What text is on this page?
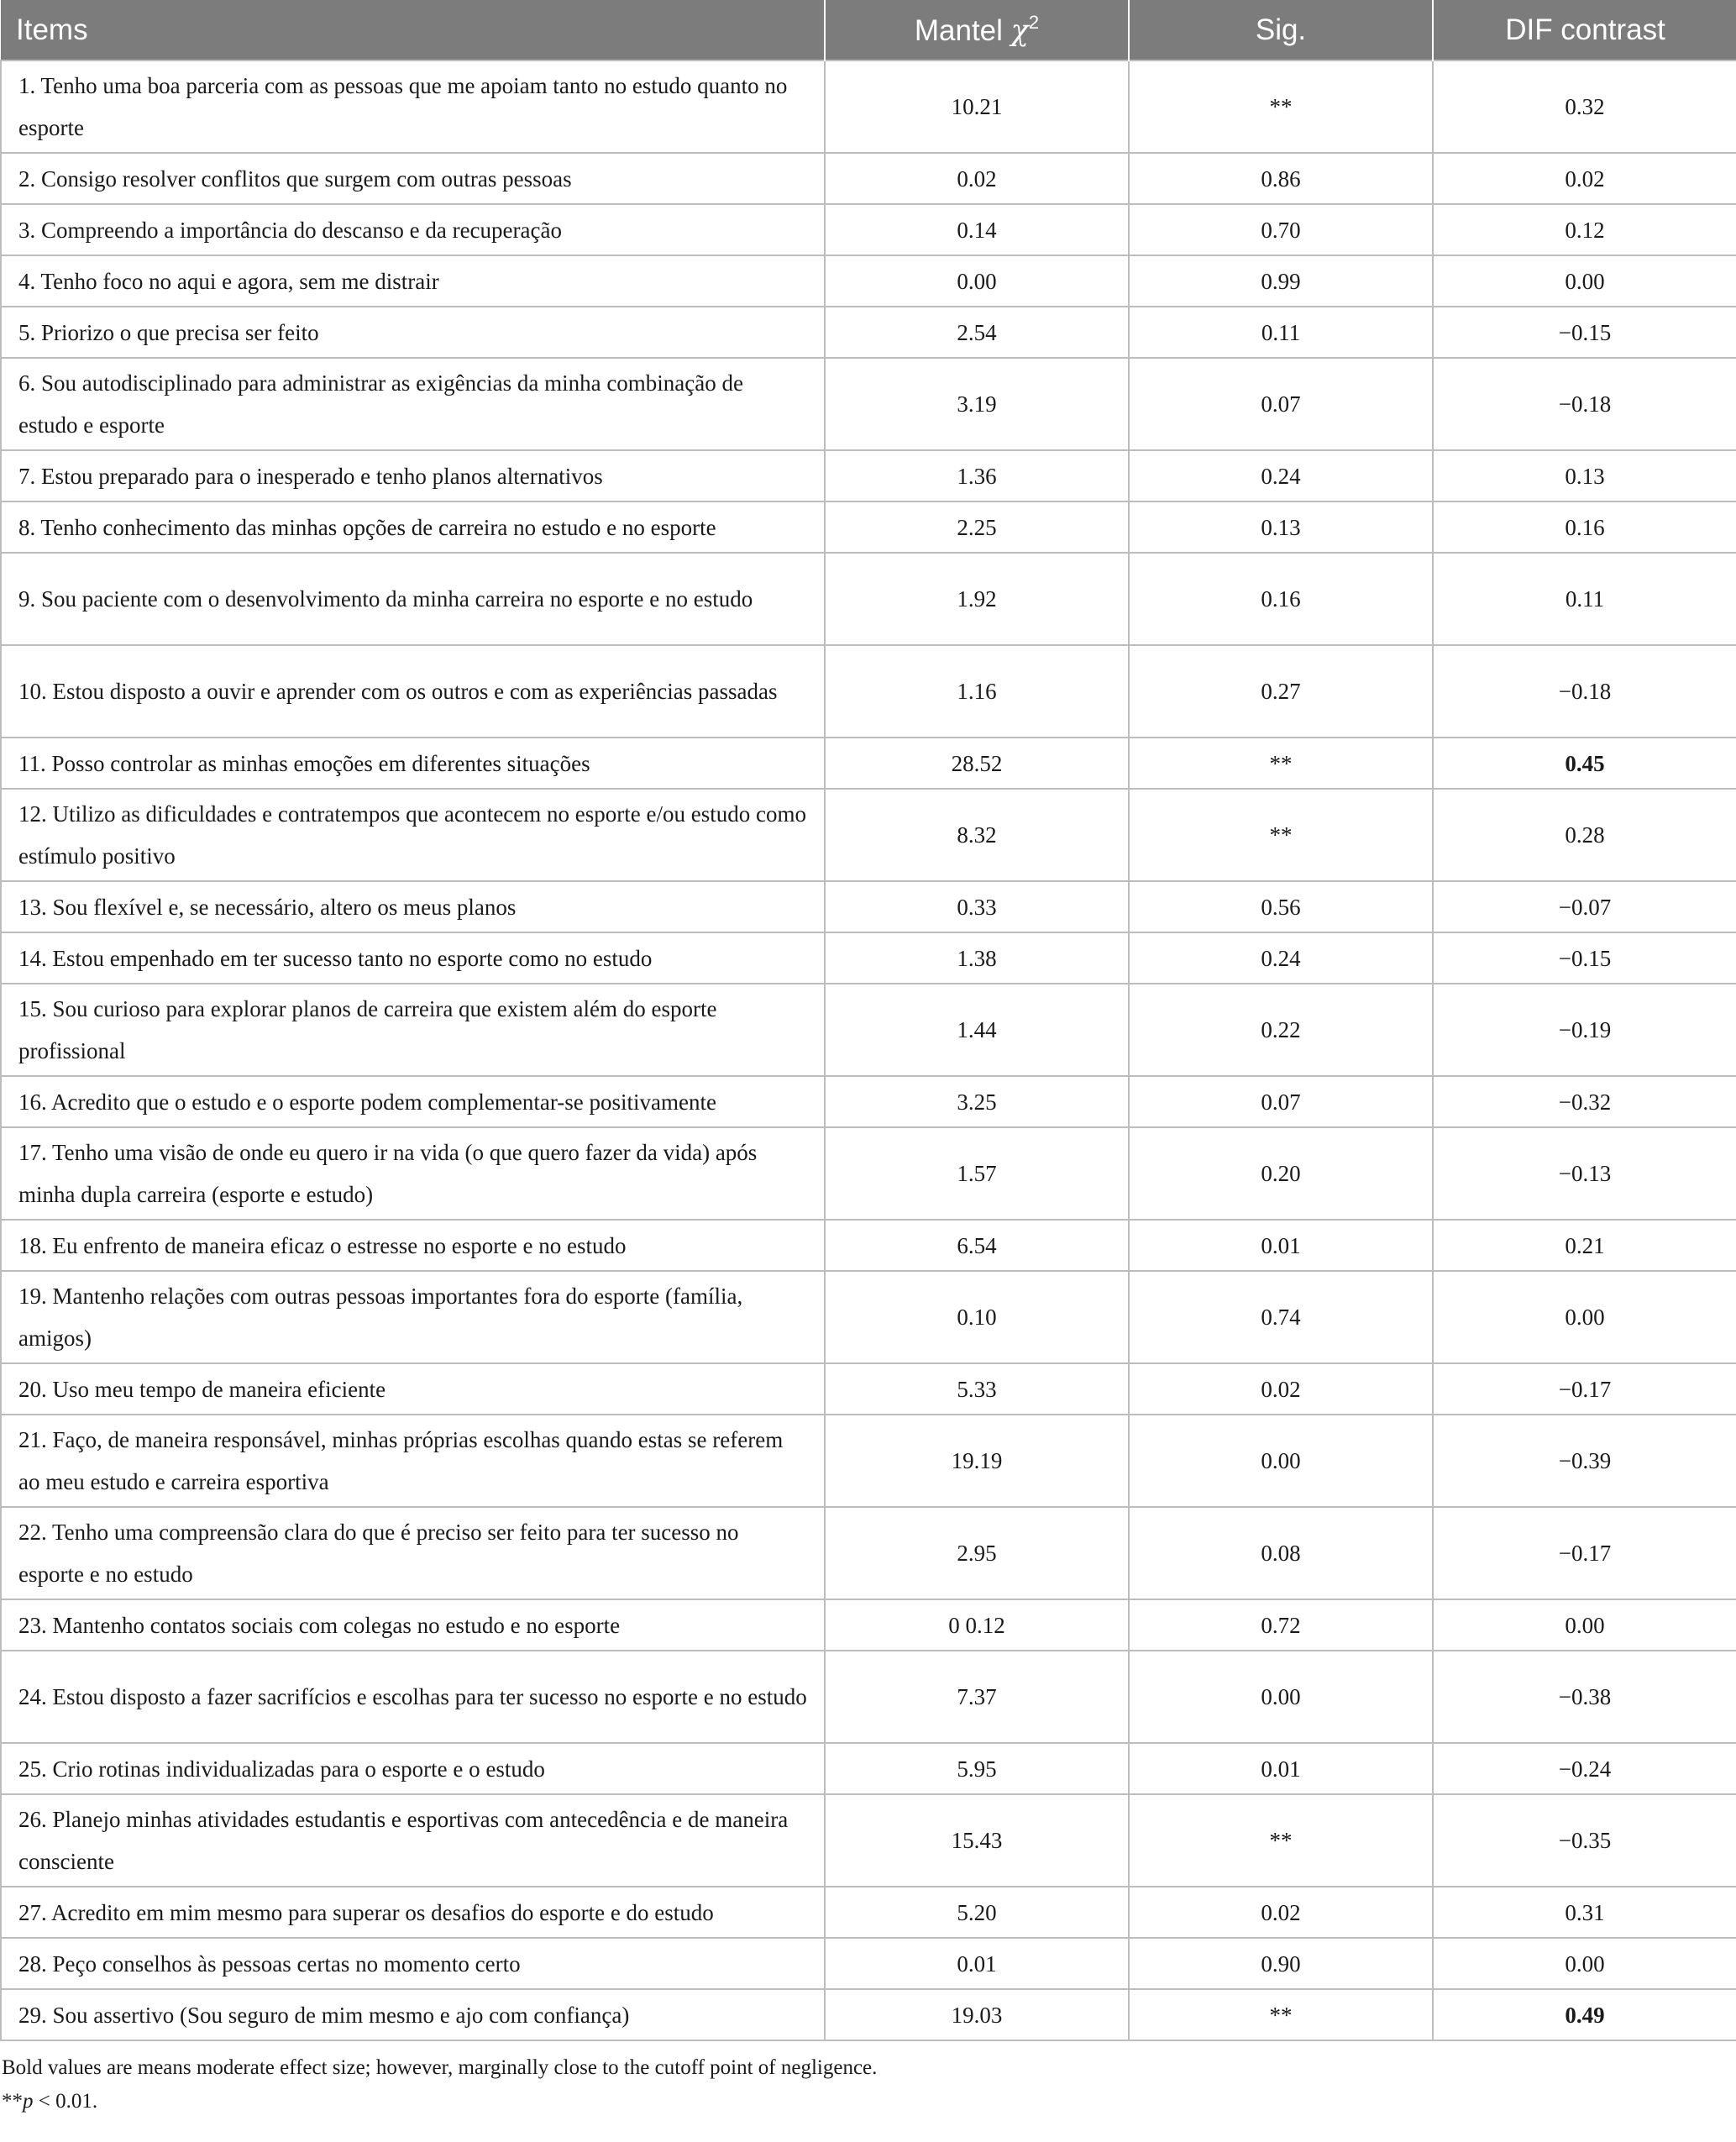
Items	Mantel $\chi^2$	Sig.	DIF contrast
1. Tenho uma boa parceria com as pessoas que me apoiam tanto no estudo quanto no esporte	10.21	**	0.32
2. Consigo resolver conflitos que surgem com outras pessoas	0.02	0.86	0.02
3. Compreendo a importância do descanso e da recuperação	0.14	0.70	0.12
4. Tenho foco no aqui e agora, sem me distrair	0.00	0.99	0.00
5. Priorizo o que precisa ser feito	2.54	0.11	−0.15
6. Sou autodisciplinado para administrar as exigências da minha combinação de estudo e esporte	3.19	0.07	−0.18
7. Estou preparado para o inesperado e tenho planos alternativos	1.36	0.24	0.13
8. Tenho conhecimento das minhas opções de carreira no estudo e no esporte	2.25	0.13	0.16
9. Sou paciente com o desenvolvimento da minha carreira no esporte e no estudo	1.92	0.16	0.11
10. Estou disposto a ouvir e aprender com os outros e com as experiências passadas	1.16	0.27	−0.18
11. Posso controlar as minhas emoções em diferentes situações	28.52	**	0.45
12. Utilizo as dificuldades e contratempos que acontecem no esporte e/ou estudo como estímulo positivo	8.32	**	0.28
13. Sou flexível e, se necessário, altero os meus planos	0.33	0.56	−0.07
14. Estou empenhado em ter sucesso tanto no esporte como no estudo	1.38	0.24	−0.15
15. Sou curioso para explorar planos de carreira que existem além do esporte profissional	1.44	0.22	−0.19
16. Acredito que o estudo e o esporte podem complementar-se positivamente	3.25	0.07	−0.32
17. Tenho uma visão de onde eu quero ir na vida (o que quero fazer da vida) após minha dupla carreira (esporte e estudo)	1.57	0.20	−0.13
18. Eu enfrento de maneira eficaz o estresse no esporte e no estudo	6.54	0.01	0.21
19. Mantenho relações com outras pessoas importantes fora do esporte (família, amigos)	0.10	0.74	0.00
20. Uso meu tempo de maneira eficiente	5.33	0.02	−0.17
21. Faço, de maneira responsável, minhas próprias escolhas quando estas se referem ao meu estudo e carreira esportiva	19.19	0.00	−0.39
22. Tenho uma compreensão clara do que é preciso ser feito para ter sucesso no esporte e no estudo	2.95	0.08	−0.17
23. Mantenho contatos sociais com colegas no estudo e no esporte	0 0.12	0.72	0.00
24. Estou disposto a fazer sacrifícios e escolhas para ter sucesso no esporte e no estudo	7.37	0.00	−0.38
25. Crio rotinas individualizadas para o esporte e o estudo	5.95	0.01	−0.24
26. Planejo minhas atividades estudantis e esportivas com antecedência e de maneira consciente	15.43	**	−0.35
27. Acredito em mim mesmo para superar os desafios do esporte e do estudo	5.20	0.02	0.31
28. Peço conselhos às pessoas certas no momento certo	0.01	0.90	0.00
29. Sou assertivo (Sou seguro de mim mesmo e ajo com confiança)	19.03	**	0.49
Bold values are means moderate effect size; however, marginally close to the cutoff point of negligence.
**p < 0.01.
